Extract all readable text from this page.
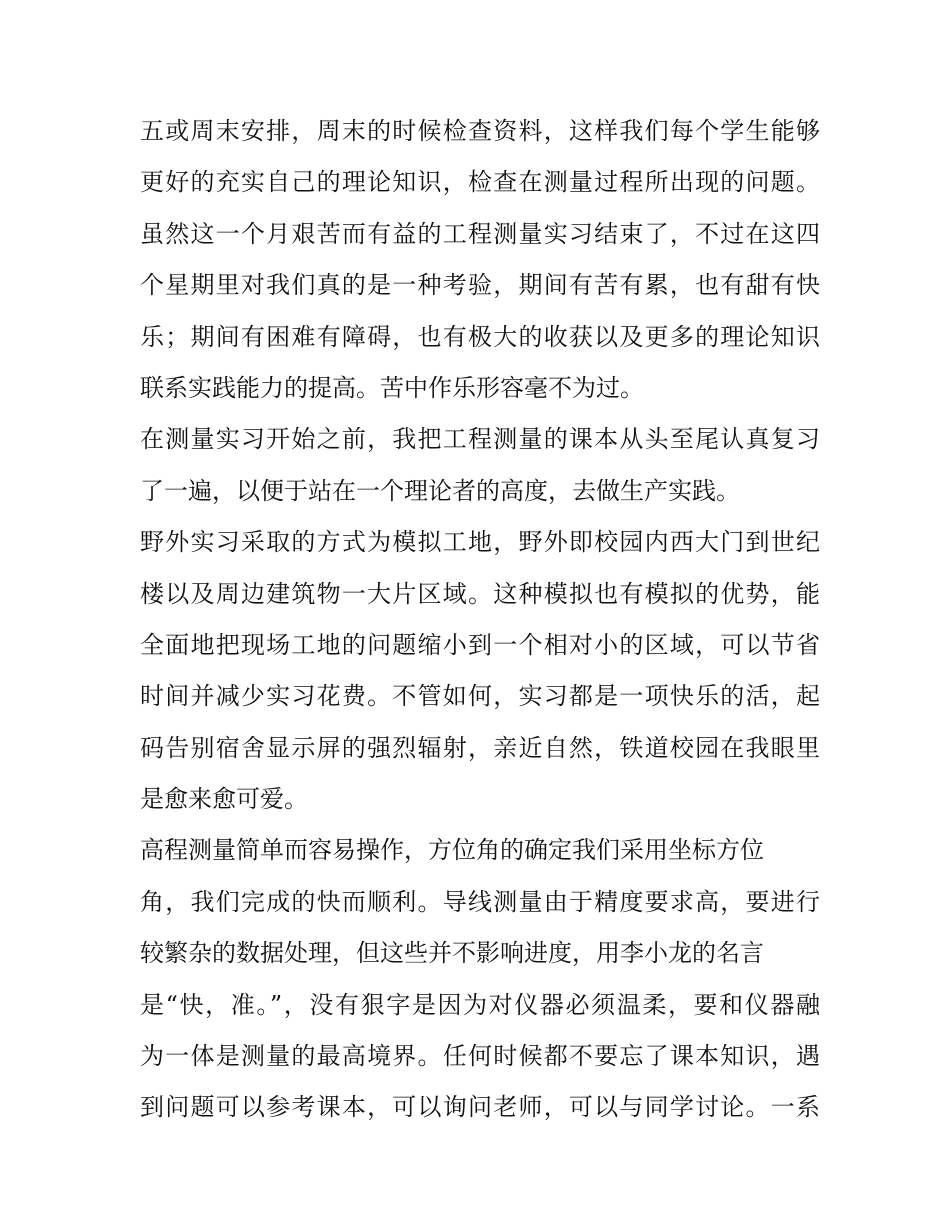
五或周末安排，周末的时候检查资料，这样我们每个学生能够
更好的充实自己的理论知识，检查在测量过程所出现的问题。
虽然这一个月艰苦而有益的工程测量实习结束了，不过在这四
个星期里对我们真的是一种考验，期间有苦有累，也有甜有快
乐；期间有困难有障碍，也有极大的收获以及更多的理论知识
联系实践能力的提高。苦中作乐形容毫不为过。
在测量实习开始之前，我把工程测量的课本从头至尾认真复习
了一遍，以便于站在一个理论者的高度，去做生产实践。
野外实习采取的方式为模拟工地，野外即校园内西大门到世纪
楼以及周边建筑物一大片区域。这种模拟也有模拟的优势，能
全面地把现场工地的问题缩小到一个相对小的区域，可以节省
时间并减少实习花费。不管如何，实习都是一项快乐的活，起
码告别宿舍显示屏的强烈辐射，亲近自然，铁道校园在我眼里
是愈来愈可爱。
高程测量简单而容易操作，方位角的确定我们采用坐标方位
角，我们完成的快而顺利。导线测量由于精度要求高，要进行
较繁杂的数据处理，但这些并不影响进度，用李小龙的名言
是“快，准。”，没有狠字是因为对仪器必须温柔，要和仪器融
为一体是测量的最高境界。任何时候都不要忘了课本知识，遇
到问题可以参考课本，可以询问老师，可以与同学讨论。一系
